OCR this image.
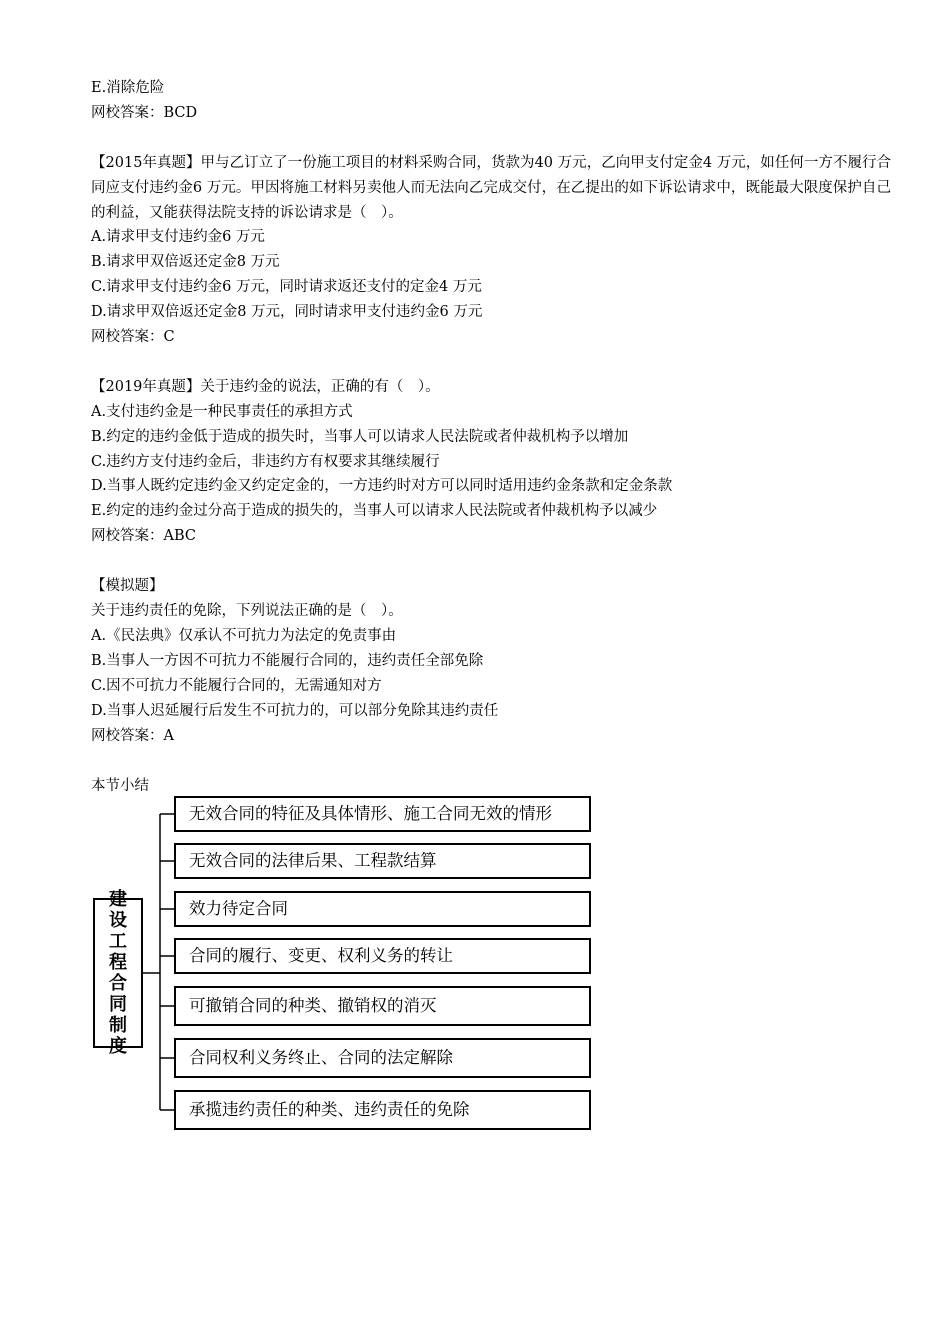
E.消除危险
网校答案：BCD
【2015年真题】甲与乙订立了一份施工项目的材料采购合同，货款为40 万元，乙向甲支付定金4 万元，如任何一方不履行合同应支付违约金6 万元。甲因将施工材料另卖他人而无法向乙完成交付，在乙提出的如下诉讼请求中，既能最大限度保护自己的利益，又能获得法院支持的诉讼请求是（　）。
A.请求甲支付违约金6 万元
B.请求甲双倍返还定金8 万元
C.请求甲支付违约金6 万元，同时请求返还支付的定金4 万元
D.请求甲双倍返还定金8 万元，同时请求甲支付违约金6 万元
网校答案：C
【2019年真题】关于违约金的说法，正确的有（　）。
A.支付违约金是一种民事责任的承担方式
B.约定的违约金低于造成的损失时，当事人可以请求人民法院或者仲裁机构予以增加
C.违约方支付违约金后，非违约方有权要求其继续履行
D.当事人既约定违约金又约定定金的，一方违约时对方可以同时适用违约金条款和定金条款
E.约定的违约金过分高于造成的损失的，当事人可以请求人民法院或者仲裁机构予以减少
网校答案：ABC
【模拟题】
关于违约责任的免除，下列说法正确的是（　）。
A.《民法典》仅承认不可抗力为法定的免责事由
B.当事人一方因不可抗力不能履行合同的，违约责任全部免除
C.因不可抗力不能履行合同的，无需通知对方
D.当事人迟延履行后发生不可抗力的，可以部分免除其违约责任
网校答案：A
本节小结
建设工程合同制度
无效合同的特征及具体情形、施工合同无效的情形
无效合同的法律后果、工程款结算
效力待定合同
合同的履行、变更、权利义务的转让
可撤销合同的种类、撤销权的消灭
合同权利义务终止、合同的法定解除
承揽违约责任的种类、违约责任的免除
